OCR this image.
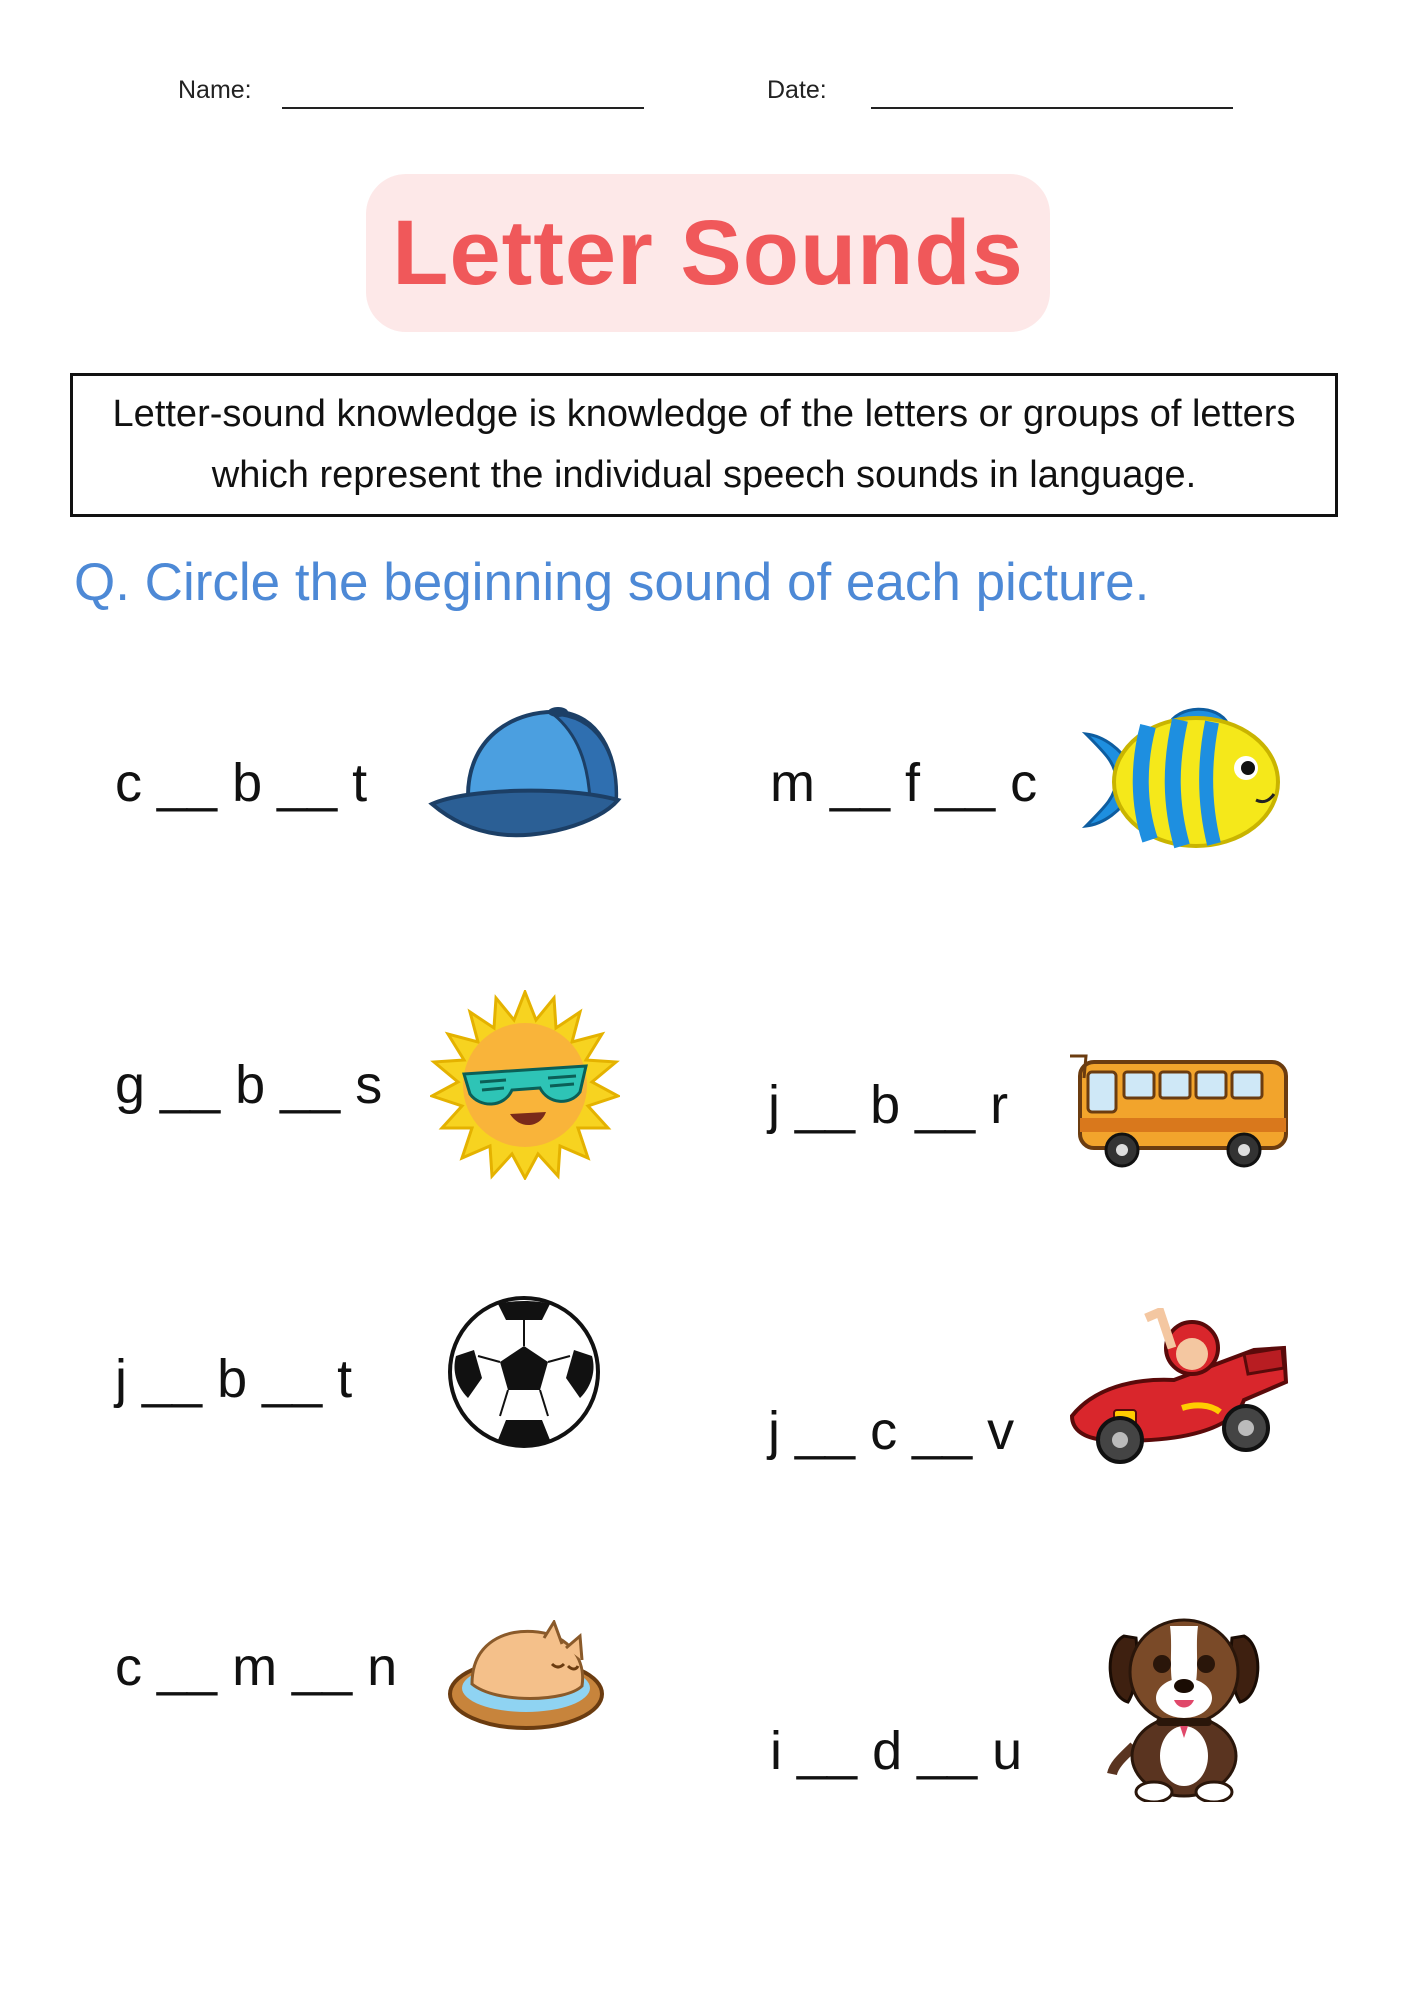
Name:	Date:
Letter Sounds
Letter-sound knowledge is knowledge of the letters or groups of letters which represent the individual speech sounds in language.
Q. Circle the beginning sound of each picture.
c __ b __ t	m __ f __ c
g __ b __ s	j __ b __ r
j __ b __ t
j __ c __ v
c __ m __ n
i __ d __ u
